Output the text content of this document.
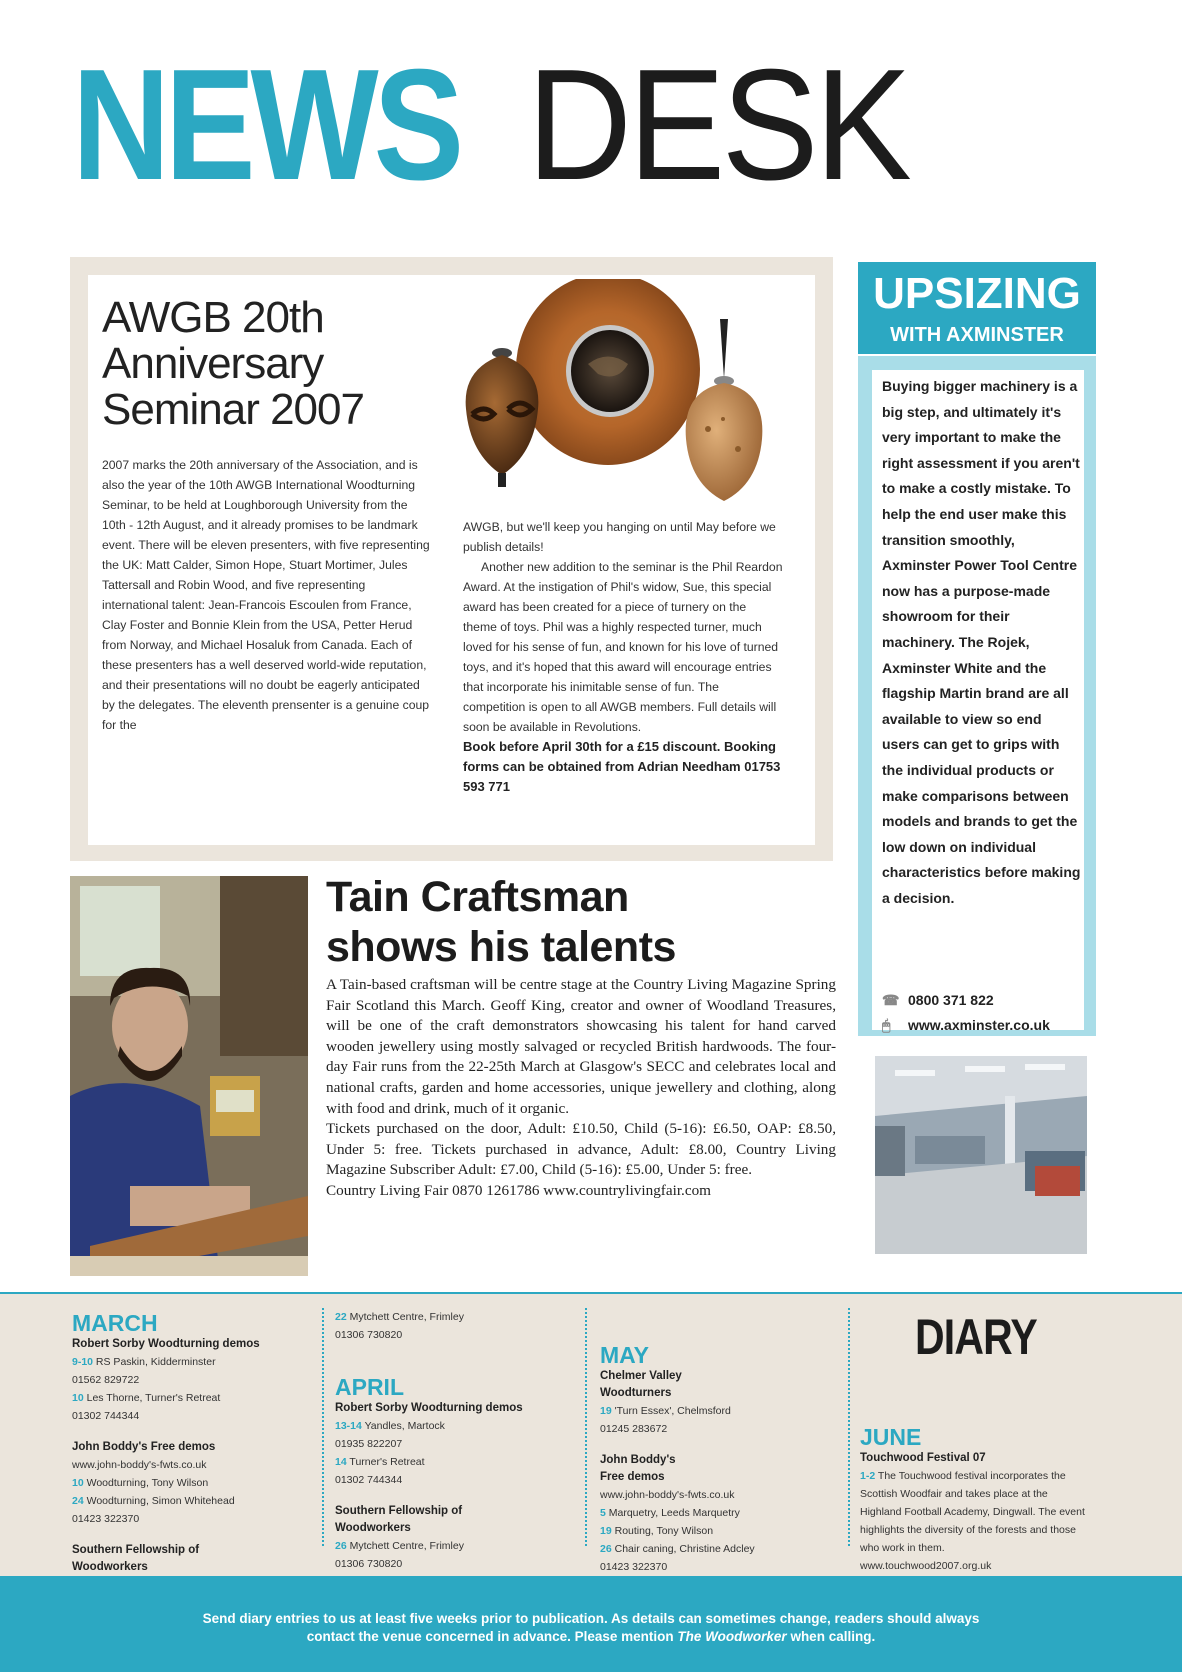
NEWS DESK
AWGB 20th
Anniversary
Seminar 2007
2007 marks the 20th anniversary of the Association, and is also the year of the 10th AWGB International Woodturning Seminar, to be held at Loughborough University from the 10th - 12th August, and it already promises to be landmark event. There will be eleven presenters, with five representing the UK: Matt Calder, Simon Hope, Stuart Mortimer, Jules Tattersall and Robin Wood, and five representing international talent: Jean-Francois Escoulen from France, Clay Foster and Bonnie Klein from the USA, Petter Herud from Norway, and Michael Hosaluk from Canada. Each of these presenters has a well deserved world-wide reputation, and their presentations will no doubt be eagerly anticipated by the delegates. The eleventh prensenter is a genuine coup for the

AWGB, but we'll keep you hanging on until May before we publish details!

Another new addition to the seminar is the Phil Reardon Award. At the instigation of Phil's widow, Sue, this special award has been created for a piece of turnery on the theme of toys. Phil was a highly respected turner, much loved for his sense of fun, and known for his love of turned toys, and it's hoped that this award will encourage entries that incorporate his inimitable sense of fun. The competition is open to all AWGB members. Full details will soon be available in Revolutions.

Book before April 30th for a £15 discount. Booking forms can be obtained from Adrian Needham 01753 593 771

UPSIZING
WITH AXMINSTER
Buying bigger machinery is a big step, and ultimately it's very important to make the right assessment if you aren't to make a costly mistake. To help the end user make this transition smoothly, Axminster Power Tool Centre now has a purpose-made showroom for their machinery. The Rojek, Axminster White and the flagship Martin brand are all available to view so end users can get to grips with the individual products or make comparisons between models and brands to get the low down on individual characteristics before making a decision.
☎ 0800 371 822
🖱	www.axminster.co.uk
Tain Craftsman
shows his talents

A Tain-based craftsman will be centre stage at the Country Living Magazine Spring Fair Scotland this March. Geoff King, creator and owner of Woodland Treasures, will be one of the craft demonstrators showcasing his talent for hand carved wooden jewellery using mostly salvaged or recycled British hardwoods. The four-day Fair runs from the 22-25th March at Glasgow's SECC and celebrates local and national crafts, garden and home accessories, unique jewellery and clothing, along with food and drink, much of it organic.

Tickets purchased on the door, Adult: £10.50, Child (5-16): £6.50, OAP: £8.50, Under 5: free. Tickets purchased in advance, Adult: £8.00, Country Living Magazine Subscriber Adult: £7.00, Child (5-16): £5.00, Under 5: free.

Country Living Fair 0870 1261786 www.countrylivingfair.com

MARCH
Robert Sorby Woodturning demos
9-10 RS Paskin, Kidderminster
01562 829722
10 Les Thorne, Turner's Retreat
01302 744344
John Boddy's Free demos
www.john-boddy's-fwts.co.uk
10 Woodturning, Tony Wilson
24 Woodturning, Simon Whitehead
01423 322370
Southern Fellowship of
Woodworkers
22 Mytchett Centre, Frimley
01306 730820
APRIL
Robert Sorby Woodturning demos
13-14 Yandles, Martock
01935 822207
14 Turner's Retreat
01302 744344
Southern Fellowship of
Woodworkers
26 Mytchett Centre, Frimley
01306 730820
MAY
Chelmer Valley
Woodturners
19 'Turn Essex', Chelmsford
01245 283672
John Boddy's
Free demos
www.john-boddy's-fwts.co.uk
5 Marquetry, Leeds Marquetry
19 Routing, Tony Wilson
26 Chair caning, Christine Adcley
01423 322370
DIARY
JUNE
Touchwood Festival 07
1-2 The Touchwood festival incorporates the Scottish Woodfair and takes place at the Highland Football Academy, Dingwall. The event highlights the diversity of the forests and those who work in them.
www.touchwood2007.org.uk
Send diary entries to us at least five weeks prior to publication. As details can sometimes change, readers should always
contact the venue concerned in advance. Please mention The Woodworker when calling.
